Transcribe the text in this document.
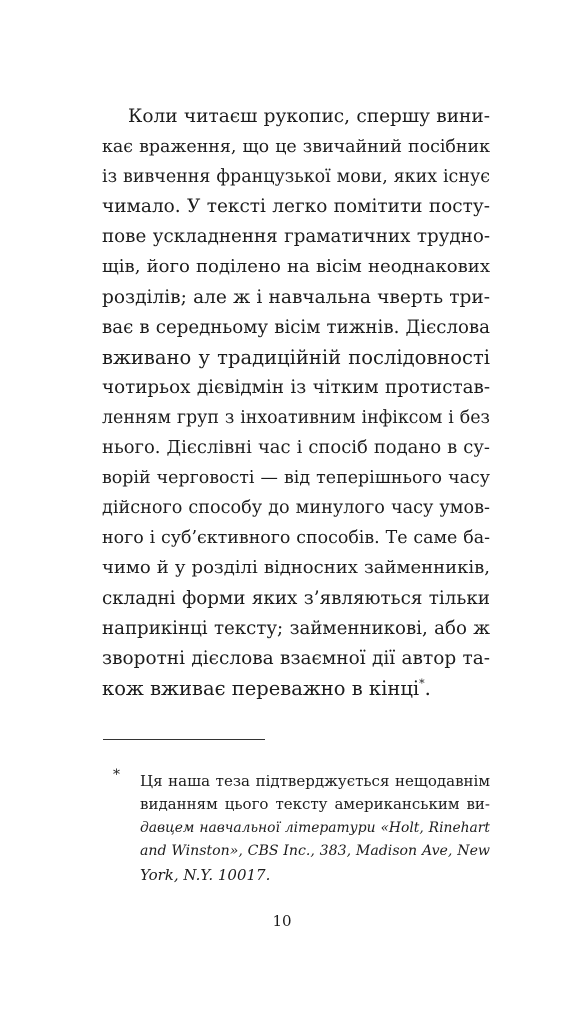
Коли читаєш рукопис, спершу вини-
кає враження, що це звичайний посібник
із вивчення французької мови, яких існує
чимало. У тексті легко помітити посту-
пове ускладнення граматичних трудно-
щів, його поділено на вісім неоднакових
розділів; але ж і навчальна чверть три-
ває в середньому вісім тижнів. Дієслова
вживано у традиційній послідовності
чотирьох дієвідмін із чітким протистав-
ленням груп з інхоативним інфіксом і без
нього. Дієслівні час і спосіб подано в су-
ворій черговості — від теперішнього часу
дійсного способу до минулого часу умов-
ного і суб’єктивного способів. Те саме ба-
чимо й у розділі відносних займенників,
складні форми яких з’являються тільки
наприкінці тексту; займенникові, або ж
зворотні дієслова взаємної дії автор та-
кож вживає переважно в кінці*.
* Ця наша теза підтверджується нещодавнім
виданням цього тексту американським ви-
давцем навчальної літератури «Holt, Rinehart
and Winston», CBS Inc., 383, Madison Ave, New
York, N.Y. 10017.
10
